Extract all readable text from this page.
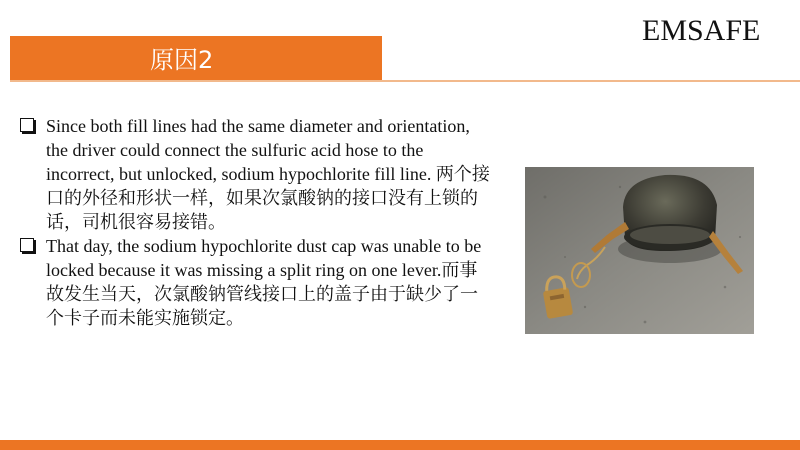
原因2
EMSAFE
Since both fill lines had the same diameter and orientation, the driver could connect the sulfuric acid hose to the incorrect, but unlocked, sodium hypochlorite fill line. 两个接口的外径和形状一样，如果次氯酸钠的接口没有上锁的话，司机很容易接错。
That day, the sodium hypochlorite dust cap was unable to be locked because it was missing a split ring on one lever.而事故发生当天，次氯酸钠管线接口上的盖子由于缺少了一个卡子而未能实施锁定。
